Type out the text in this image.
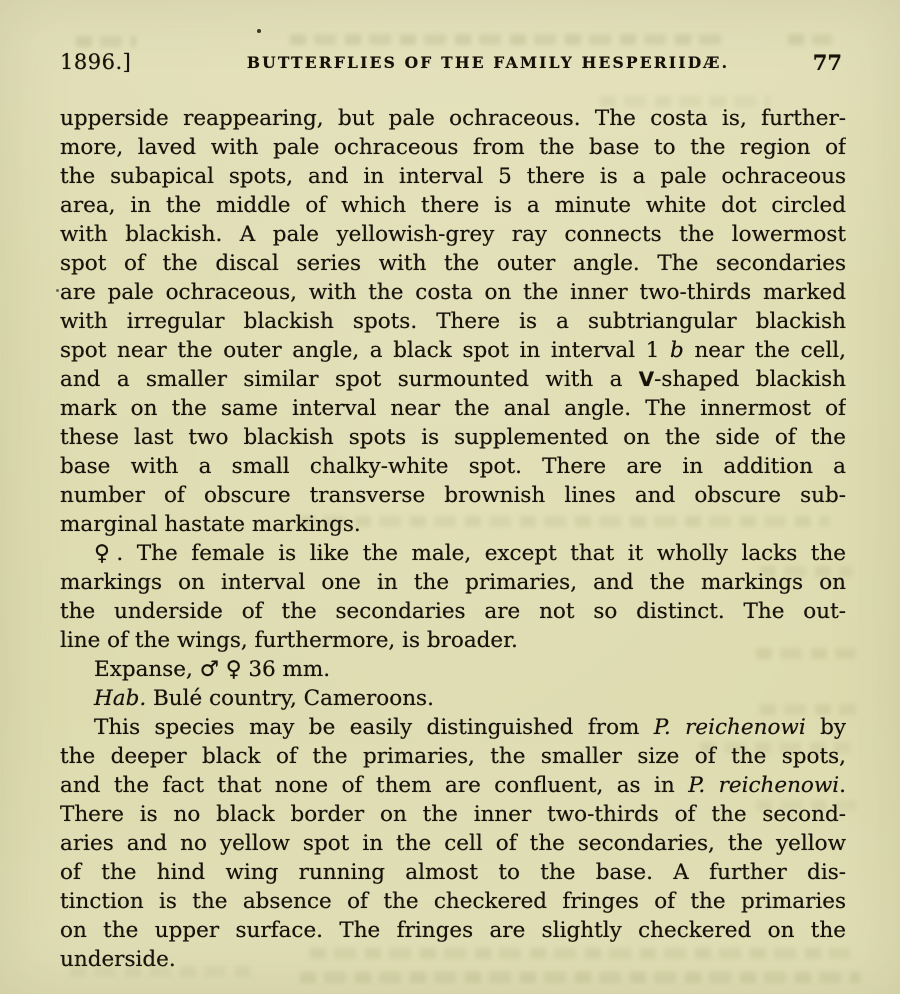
1896.]	BUTTERFLIES OF THE FAMILY HESPERIIDÆ.	77
upperside reappearing, but pale ochraceous. The costa is, further-
more, laved with pale ochraceous from the base to the region of
the subapical spots, and in interval 5 there is a pale ochraceous
area, in the middle of which there is a minute white dot circled
with blackish. A pale yellowish-grey ray connects the lowermost
spot of the discal series with the outer angle. The secondaries
are pale ochraceous, with the costa on the inner two-thirds marked
with irregular blackish spots. There is a subtriangular blackish
spot near the outer angle, a black spot in interval 1 b near the cell,
and a smaller similar spot surmounted with a V-shaped blackish
mark on the same interval near the anal angle. The innermost of
these last two blackish spots is supplemented on the side of the
base with a small chalky-white spot. There are in addition a
number of obscure transverse brownish lines and obscure sub-
marginal hastate markings.
♀. The female is like the male, except that it wholly lacks the
markings on interval one in the primaries, and the markings on
the underside of the secondaries are not so distinct. The out-
line of the wings, furthermore, is broader.
Expanse, ♂ ♀ 36 mm.
Hab. Bulé country, Cameroons.
This species may be easily distinguished from P. reichenowi by
the deeper black of the primaries, the smaller size of the spots,
and the fact that none of them are confluent, as in P. reichenowi.
There is no black border on the inner two-thirds of the second-
aries and no yellow spot in the cell of the secondaries, the yellow
of the hind wing running almost to the base. A further dis-
tinction is the absence of the checkered fringes of the primaries
on the upper surface. The fringes are slightly checkered on the
underside.
